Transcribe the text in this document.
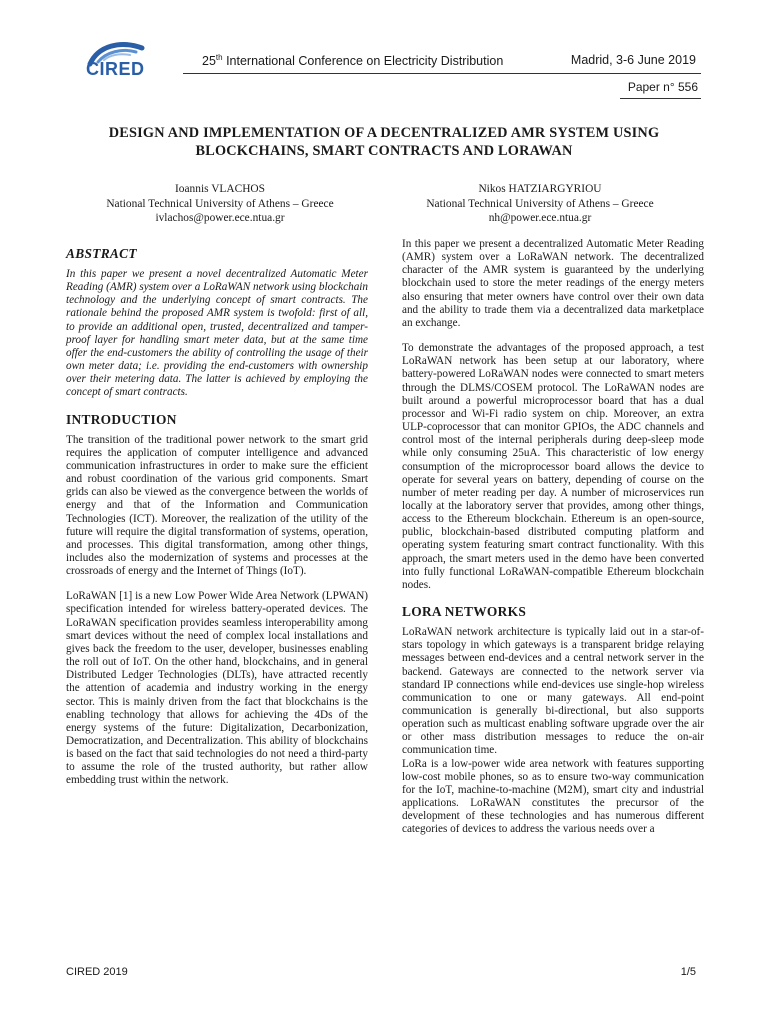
CIRED	25th International Conference on Electricity Distribution	Madrid, 3-6 June 2019
Paper n° 556
DESIGN AND IMPLEMENTATION OF A DECENTRALIZED AMR SYSTEM USING
BLOCKCHAINS, SMART CONTRACTS AND LORAWAN
Ioannis VLACHOS
National Technical University of Athens – Greece
ivlachos@power.ece.ntua.gr
Nikos HATZIARGYRIOU
National Technical University of Athens – Greece
nh@power.ece.ntua.gr
ABSTRACT

In this paper we present a novel decentralized Automatic Meter Reading (AMR) system over a LoRaWAN network using blockchain technology and the underlying concept of smart contracts. The rationale behind the proposed AMR system is twofold: first of all, to provide an additional open, trusted, decentralized and tamper-proof layer for handling smart meter data, but at the same time offer the end-customers the ability of controlling the usage of their own meter data; i.e. providing the end-customers with ownership over their metering data. The latter is achieved by employing the concept of smart contracts.

INTRODUCTION

The transition of the traditional power network to the smart grid requires the application of computer intelligence and advanced communication infrastructures in order to make sure the efficient and robust coordination of the various grid components. Smart grids can also be viewed as the convergence between the worlds of energy and that of the Information and Communication Technologies (ICT). Moreover, the realization of the utility of the future will require the digital transformation of systems, operation, and processes. This digital transformation, among other things, includes also the modernization of systems and processes at the crossroads of energy and the Internet of Things (IoT).

LoRaWAN [1] is a new Low Power Wide Area Network (LPWAN) specification intended for wireless battery-operated devices. The LoRaWAN specification provides seamless interoperability among smart devices without the need of complex local installations and gives back the freedom to the user, developer, businesses enabling the roll out of IoT. On the other hand, blockchains, and in general Distributed Ledger Technologies (DLTs), have attracted recently the attention of academia and industry working in the energy sector. This is mainly driven from the fact that blockchains is the enabling technology that allows for achieving the 4Ds of the energy systems of the future: Digitalization, Decarbonization, Democratization, and Decentralization. This ability of blockchains is based on the fact that said technologies do not need a third-party to assume the role of the trusted authority, but rather allow embedding trust within the network.

In this paper we present a decentralized Automatic Meter Reading (AMR) system over a LoRaWAN network. The decentralized character of the AMR system is guaranteed by the underlying blockchain used to store the meter readings of the energy meters also ensuring that meter owners have control over their own data and the ability to trade them via a decentralized data marketplace an exchange.

To demonstrate the advantages of the proposed approach, a test LoRaWAN network has been setup at our laboratory, where battery-powered LoRaWAN nodes were connected to smart meters through the DLMS/COSEM protocol. The LoRaWAN nodes are built around a powerful microprocessor board that has a dual processor and Wi-Fi radio system on chip. Moreover, an extra ULP-coprocessor that can monitor GPIOs, the ADC channels and control most of the internal peripherals during deep-sleep mode while only consuming 25uA. This characteristic of low energy consumption of the microprocessor board allows the device to operate for several years on battery, depending of course on the number of meter reading per day. A number of microservices run locally at the laboratory server that provides, among other things, access to the Ethereum blockchain. Ethereum is an open-source, public, blockchain-based distributed computing platform and operating system featuring smart contract functionality. With this approach, the smart meters used in the demo have been converted into fully functional LoRaWAN-compatible Ethereum blockchain nodes.

LORA NETWORKS

LoRaWAN network architecture is typically laid out in a star-of-stars topology in which gateways is a transparent bridge relaying messages between end-devices and a central network server in the backend. Gateways are connected to the network server via standard IP connections while end-devices use single-hop wireless communication to one or many gateways. All end-point communication is generally bi-directional, but also supports operation such as multicast enabling software upgrade over the air or other mass distribution messages to reduce the on-air communication time.

LoRa is a low-power wide area network with features supporting low-cost mobile phones, so as to ensure two-way communication for the IoT, machine-to-machine (M2M), smart city and industrial applications. LoRaWAN constitutes the precursor of the development of these technologies and has numerous different categories of devices to address the various needs over a

CIRED 2019	1/5
